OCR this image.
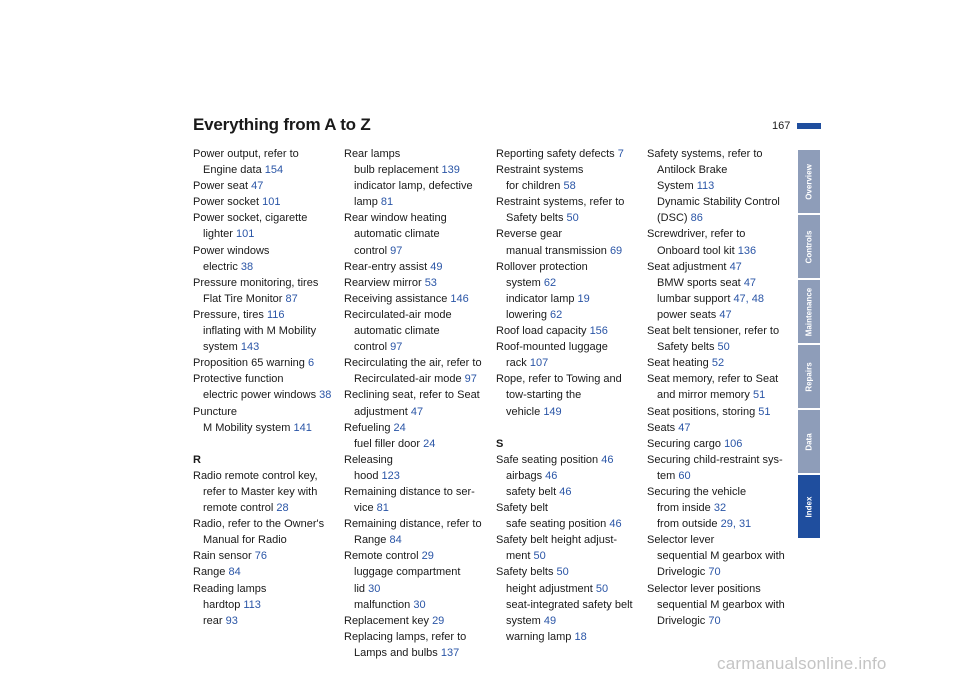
Everything from A to Z	167
Power output, refer to
Engine data 154
Power seat 47
Power socket 101
Power socket, cigarette
lighter 101
Power windows
electric 38
Pressure monitoring, tires
Flat Tire Monitor 87
Pressure, tires 116
inflating with M Mobility
system 143
Proposition 65 warning 6
Protective function
electric power windows 38
Puncture
M Mobility system 141
R
Radio remote control key,
refer to Master key with
remote control 28
Radio, refer to the Owner's
Manual for Radio
Rain sensor 76
Range 84
Reading lamps
hardtop 113
rear 93
Rear lamps
bulb replacement 139
indicator lamp, defective
lamp 81
Rear window heating
automatic climate
control 97
Rear-entry assist 49
Rearview mirror 53
Receiving assistance 146
Recirculated-air mode
automatic climate
control 97
Recirculating the air, refer to
Recirculated-air mode 97
Reclining seat, refer to Seat
adjustment 47
Refueling 24
fuel filler door 24
Releasing
hood 123
Remaining distance to ser-
vice 81
Remaining distance, refer to
Range 84
Remote control 29
luggage compartment
lid 30
malfunction 30
Replacement key 29
Replacing lamps, refer to
Lamps and bulbs 137
Reporting safety defects 7
Restraint systems
for children 58
Restraint systems, refer to
Safety belts 50
Reverse gear
manual transmission 69
Rollover protection
system 62
indicator lamp 19
lowering 62
Roof load capacity 156
Roof-mounted luggage
rack 107
Rope, refer to Towing and
tow-starting the
vehicle 149
S
Safe seating position 46
airbags 46
safety belt 46
Safety belt
safe seating position 46
Safety belt height adjust-
ment 50
Safety belts 50
height adjustment 50
seat-integrated safety belt
system 49
warning lamp 18
Safety systems, refer to
Antilock Brake
System 113
Dynamic Stability Control
(DSC) 86
Screwdriver, refer to
Onboard tool kit 136
Seat adjustment 47
BMW sports seat 47
lumbar support 47, 48
power seats 47
Seat belt tensioner, refer to
Safety belts 50
Seat heating 52
Seat memory, refer to Seat
and mirror memory 51
Seat positions, storing 51
Seats 47
Securing cargo 106
Securing child-restraint sys-
tem 60
Securing the vehicle
from inside 32
from outside 29, 31
Selector lever
sequential M gearbox with
Drivelogic 70
Selector lever positions
sequential M gearbox with
Drivelogic 70
Overview
Controls
Maintenance
Repairs
Data
Index
carmanualsonline.info
